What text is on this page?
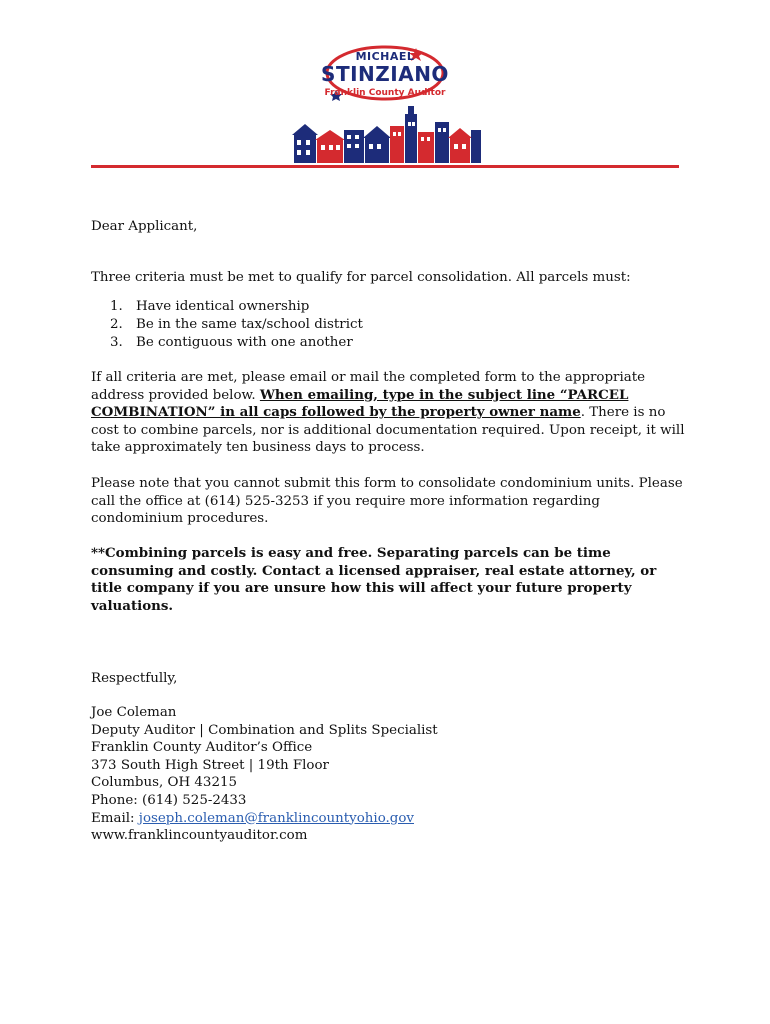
MICHAEL
STINZIANO
Franklin County Auditor

Dear Applicant,

Three criteria must be met to qualify for parcel consolidation. All parcels must:

1. Have identical ownership
2. Be in the same tax/school district
3. Be contiguous with one another

If all criteria are met, please email or mail the completed form to the appropriate address provided below. When emailing, type in the subject line “PARCEL COMBINATION” in all caps followed by the property owner name. There is no cost to combine parcels, nor is additional documentation required. Upon receipt, it will take approximately ten business days to process.

Please note that you cannot submit this form to consolidate condominium units. Please call the office at (614) 525-3253 if you require more information regarding condominium procedures.

**Combining parcels is easy and free. Separating parcels can be time consuming and costly. Contact a licensed appraiser, real estate attorney, or title company if you are unsure how this will affect your future property valuations.

Respectfully,

Joe Coleman
Deputy Auditor | Combination and Splits Specialist
Franklin County Auditor’s Office
373 South High Street | 19th Floor
Columbus, OH 43215
Phone: (614) 525-2433
Email: joseph.coleman@franklincountyohio.gov
www.franklincountyauditor.com
